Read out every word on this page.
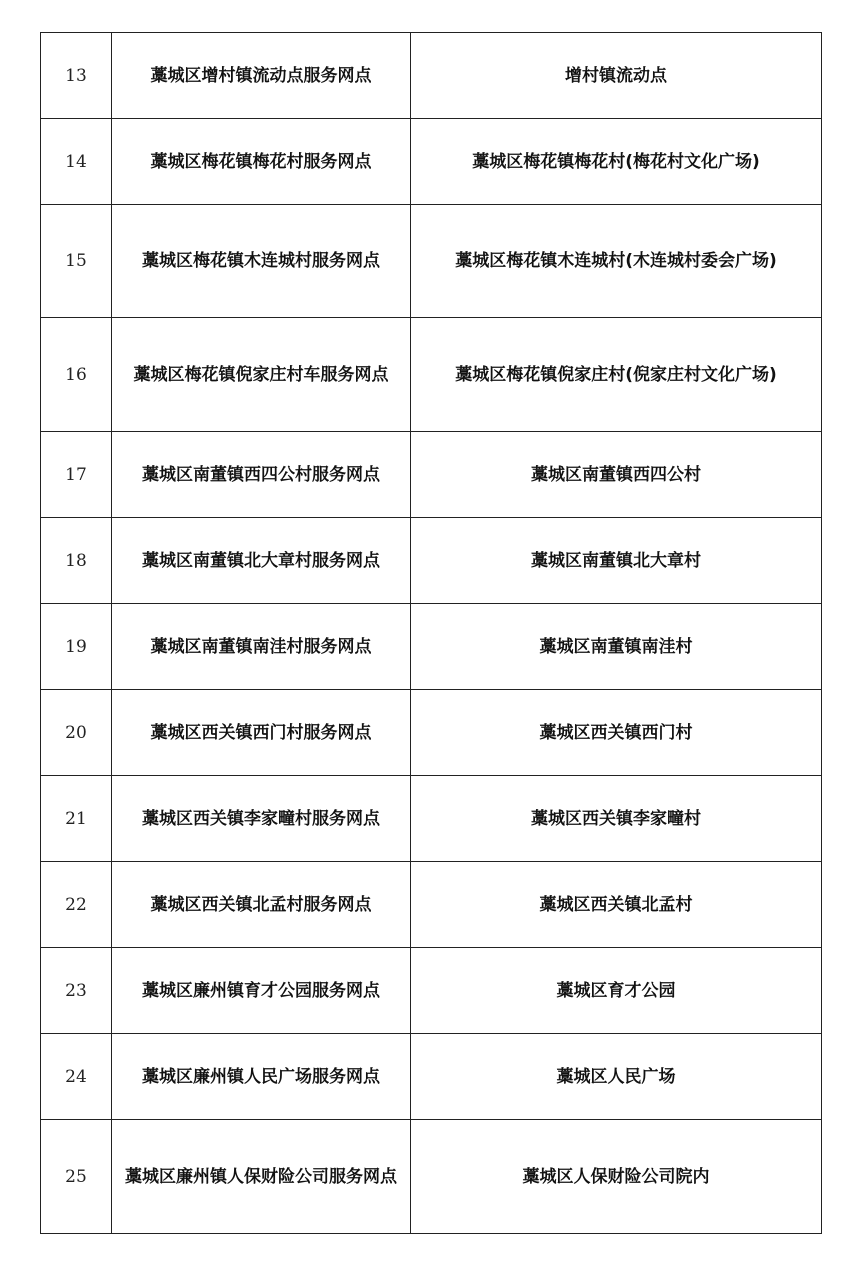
13	藁城区增村镇流动点服务网点	增村镇流动点
14	藁城区梅花镇梅花村服务网点	藁城区梅花镇梅花村(梅花村文化广场)
15	藁城区梅花镇木连城村服务网点	藁城区梅花镇木连城村(木连城村委会广场)
16	藁城区梅花镇倪家庄村车服务网点	藁城区梅花镇倪家庄村(倪家庄村文化广场)
17	藁城区南董镇西四公村服务网点	藁城区南董镇西四公村
18	藁城区南董镇北大章村服务网点	藁城区南董镇北大章村
19	藁城区南董镇南洼村服务网点	藁城区南董镇南洼村
20	藁城区西关镇西门村服务网点	藁城区西关镇西门村
21	藁城区西关镇李家疃村服务网点	藁城区西关镇李家疃村
22	藁城区西关镇北孟村服务网点	藁城区西关镇北孟村
23	藁城区廉州镇育才公园服务网点	藁城区育才公园
24	藁城区廉州镇人民广场服务网点	藁城区人民广场
25	藁城区廉州镇人保财险公司服务网点	藁城区人保财险公司院内
